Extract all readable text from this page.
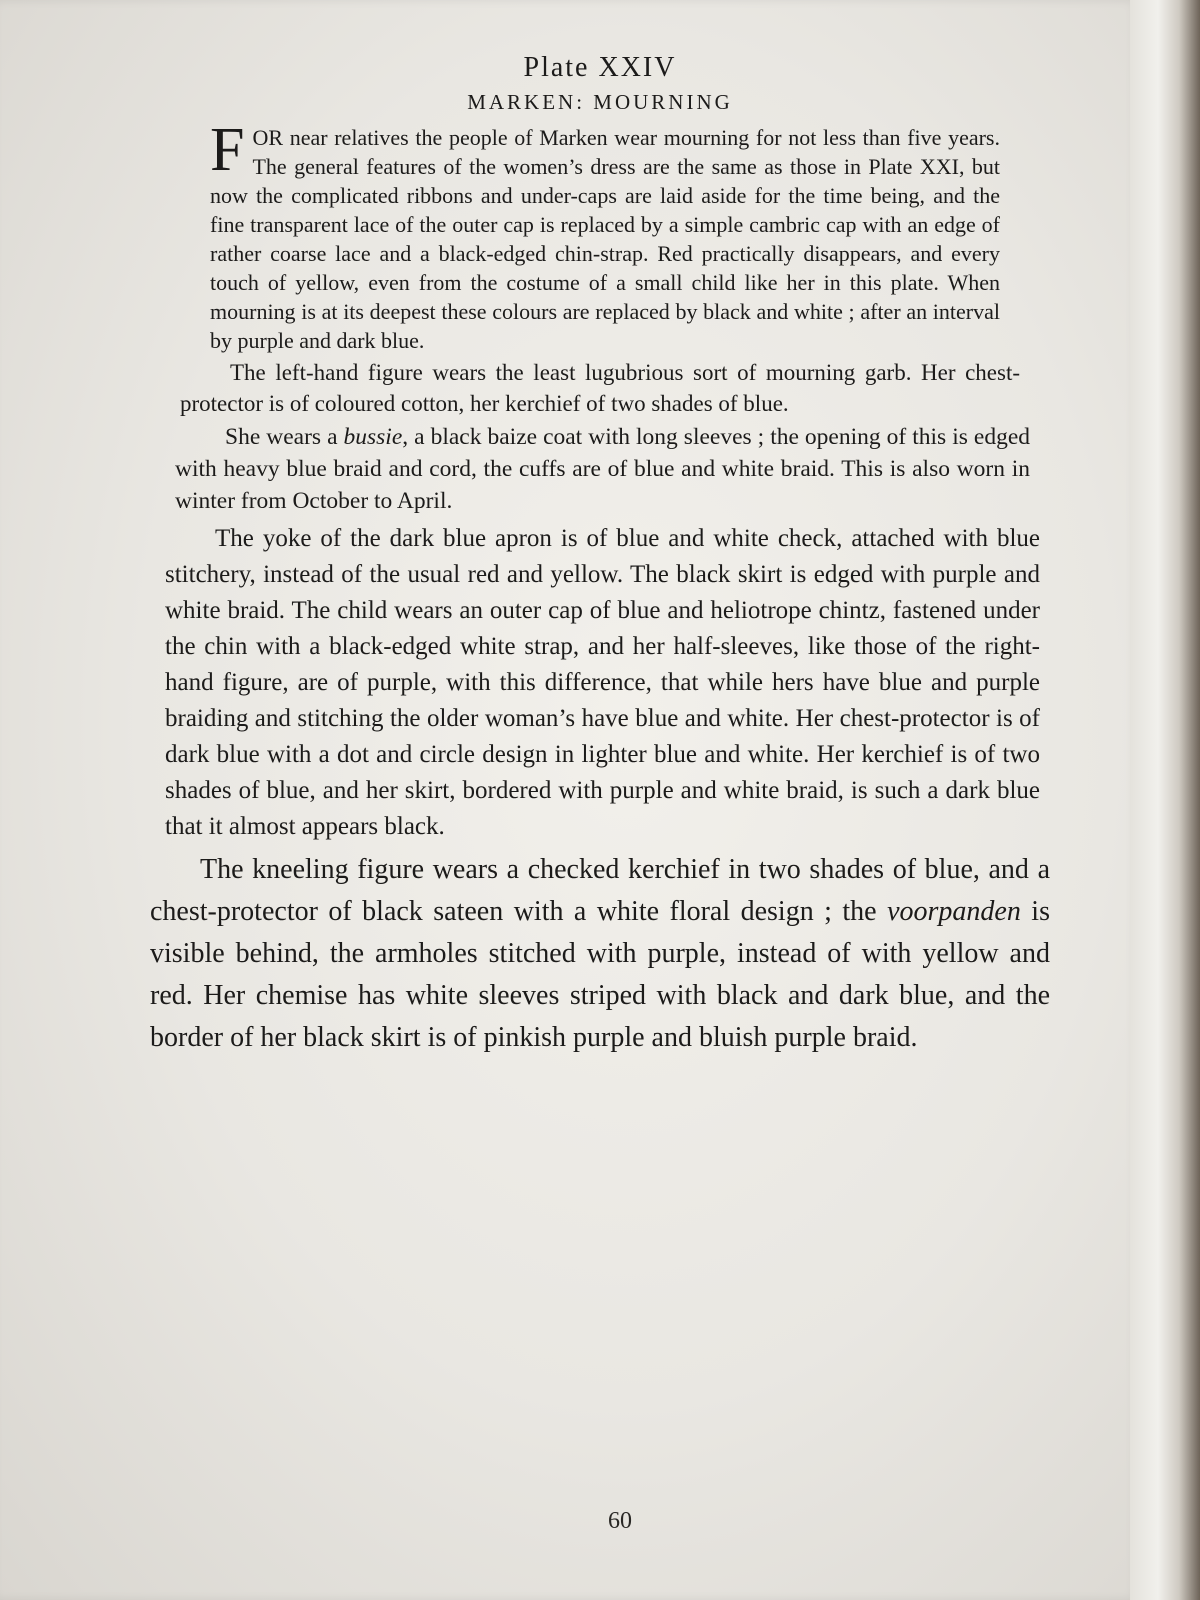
Plate XXIV
MARKEN: MOURNING

FOR near relatives the people of Marken wear mourning for not less than five years. The general features of the women’s dress are the same as those in Plate XXI, but now the complicated ribbons and under-caps are laid aside for the time being, and the fine transparent lace of the outer cap is replaced by a simple cambric cap with an edge of rather coarse lace and a black-edged chin-strap. Red practically disappears, and every touch of yellow, even from the costume of a small child like her in this plate. When mourning is at its deepest these colours are replaced by black and white ; after an interval by purple and dark blue.

The left-hand figure wears the least lugubrious sort of mourning garb. Her chest-protector is of coloured cotton, her kerchief of two shades of blue.

She wears a bussie, a black baize coat with long sleeves ; the opening of this is edged with heavy blue braid and cord, the cuffs are of blue and white braid. This is also worn in winter from October to April.

The yoke of the dark blue apron is of blue and white check, attached with blue stitchery, instead of the usual red and yellow. The black skirt is edged with purple and white braid. The child wears an outer cap of blue and heliotrope chintz, fastened under the chin with a black-edged white strap, and her half-sleeves, like those of the right-hand figure, are of purple, with this difference, that while hers have blue and purple braiding and stitching the older woman’s have blue and white. Her chest-protector is of dark blue with a dot and circle design in lighter blue and white. Her kerchief is of two shades of blue, and her skirt, bordered with purple and white braid, is such a dark blue that it almost appears black.

The kneeling figure wears a checked kerchief in two shades of blue, and a chest-protector of black sateen with a white floral design ; the voorpanden is visible behind, the armholes stitched with purple, instead of with yellow and red. Her chemise has white sleeves striped with black and dark blue, and the border of her black skirt is of pinkish purple and bluish purple braid.

60
